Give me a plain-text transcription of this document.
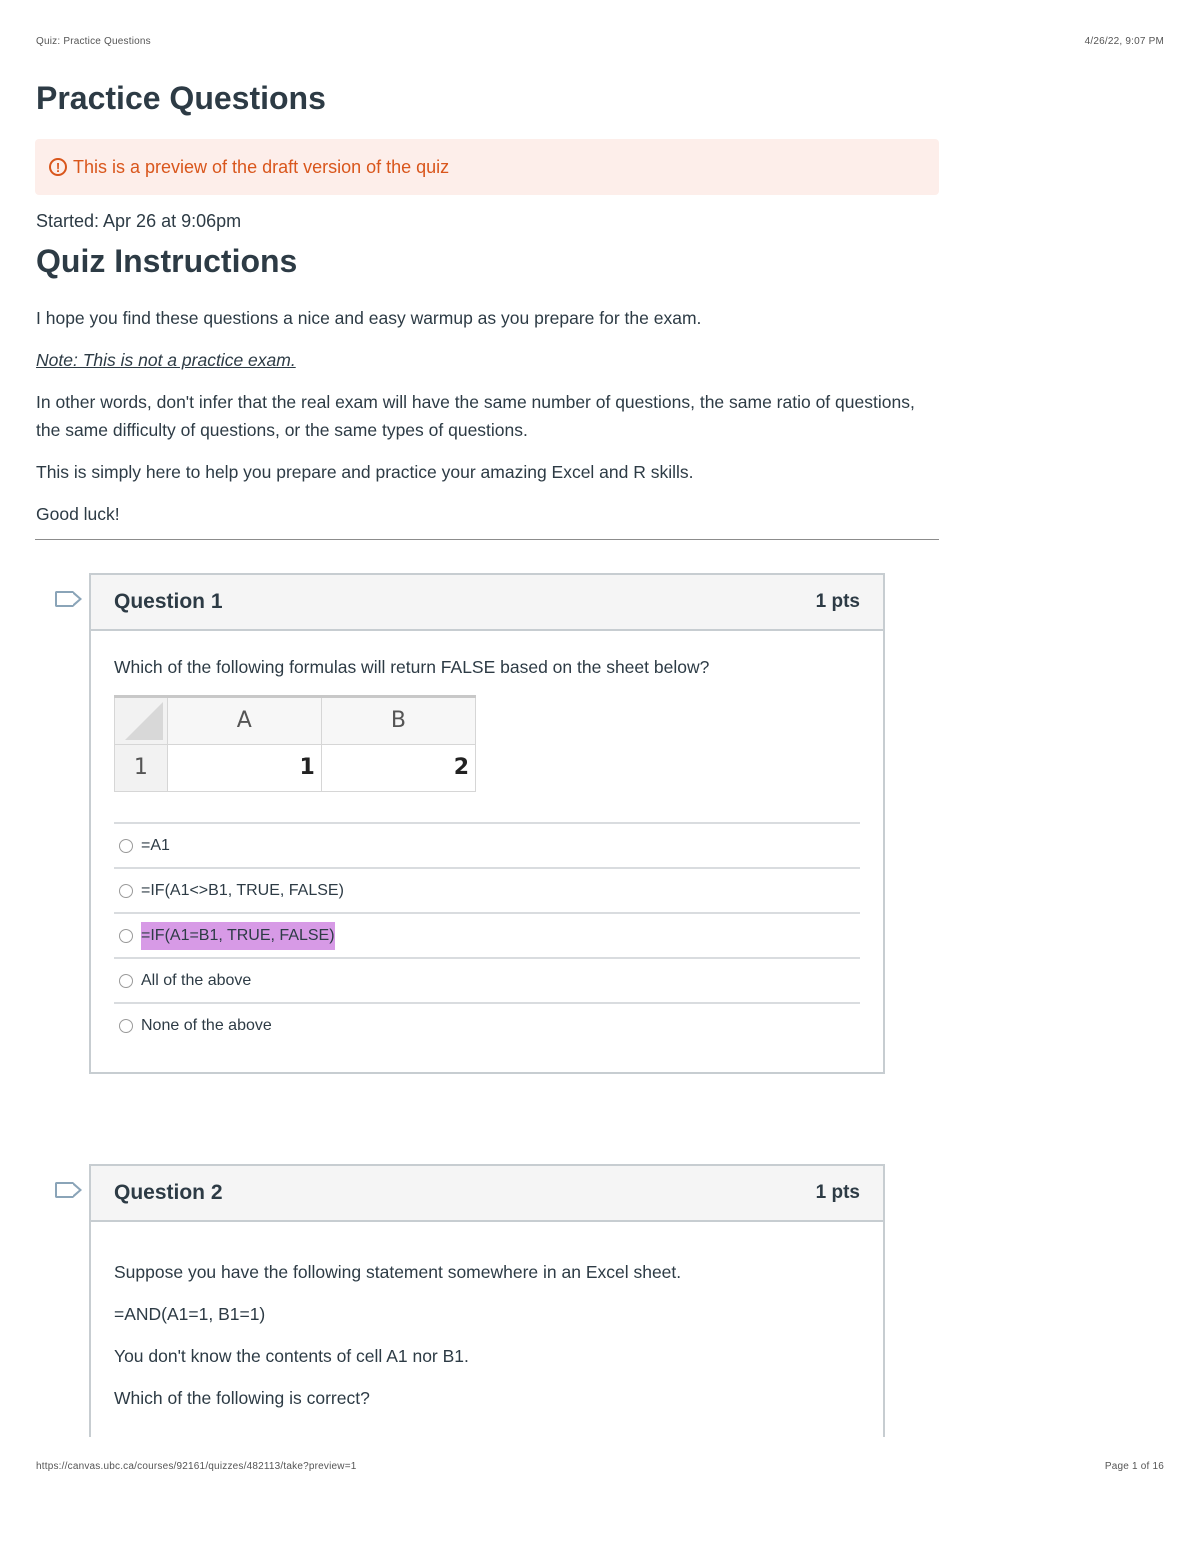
Quiz: Practice Questions	4/26/22, 9:07 PM
Practice Questions
! This is a preview of the draft version of the quiz
Started: Apr 26 at 9:06pm
Quiz Instructions

I hope you find these questions a nice and easy warmup as you prepare for the exam.

Note: This is not a practice exam.

In other words, don't infer that the real exam will have the same number of questions, the same ratio of questions, the same difficulty of questions, or the same types of questions.

This is simply here to help you prepare and practice your amazing Excel and R skills.

Good luck!

Question 1	1 pts

Which of the following formulas will return FALSE based on the sheet below?

	A	B
1	1	2
=A1
=IF(A1<>B1, TRUE, FALSE)
=IF(A1=B1, TRUE, FALSE)
All of the above
None of the above
Question 2	1 pts

Suppose you have the following statement somewhere in an Excel sheet.

=AND(A1=1, B1=1)

You don't know the contents of cell A1 nor B1.

Which of the following is correct?

https://canvas.ubc.ca/courses/92161/quizzes/482113/take?preview=1	Page 1 of 16
